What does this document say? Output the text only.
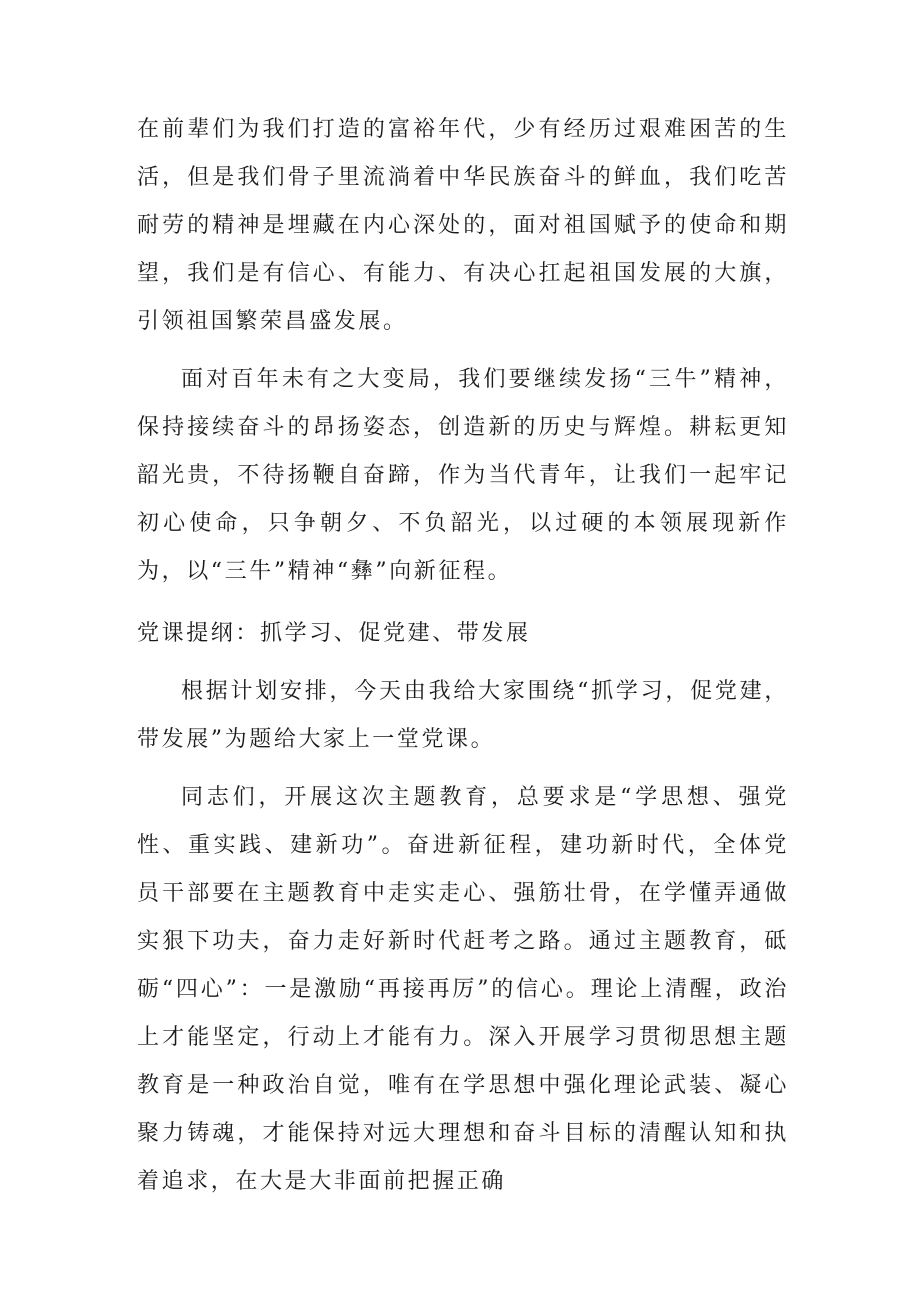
在前辈们为我们打造的富裕年代，少有经历过艰难困苦的生活，但是我们骨子里流淌着中华民族奋斗的鲜血，我们吃苦耐劳的精神是埋藏在内心深处的，面对祖国赋予的使命和期望，我们是有信心、有能力、有决心扛起祖国发展的大旗，引领祖国繁荣昌盛发展。

面对百年未有之大变局，我们要继续发扬“三牛”精神，保持接续奋斗的昂扬姿态，创造新的历史与辉煌。耕耘更知韶光贵，不待扬鞭自奋蹄，作为当代青年，让我们一起牢记初心使命，只争朝夕、不负韶光，以过硬的本领展现新作为，以“三牛”精神“彝”向新征程。

党课提纲：抓学习、促党建、带发展

根据计划安排，今天由我给大家围绕“抓学习，促党建，带发展”为题给大家上一堂党课。

同志们，开展这次主题教育，总要求是“学思想、强党性、重实践、建新功”。奋进新征程，建功新时代，全体党员干部要在主题教育中走实走心、强筋壮骨，在学懂弄通做实狠下功夫，奋力走好新时代赶考之路。通过主题教育，砥砺“四心”：一是激励“再接再厉”的信心。理论上清醒，政治上才能坚定，行动上才能有力。深入开展学习贯彻思想主题教育是一种政治自觉，唯有在学思想中强化理论武装、凝心聚力铸魂，才能保持对远大理想和奋斗目标的清醒认知和执着追求，在大是大非面前把握正确
